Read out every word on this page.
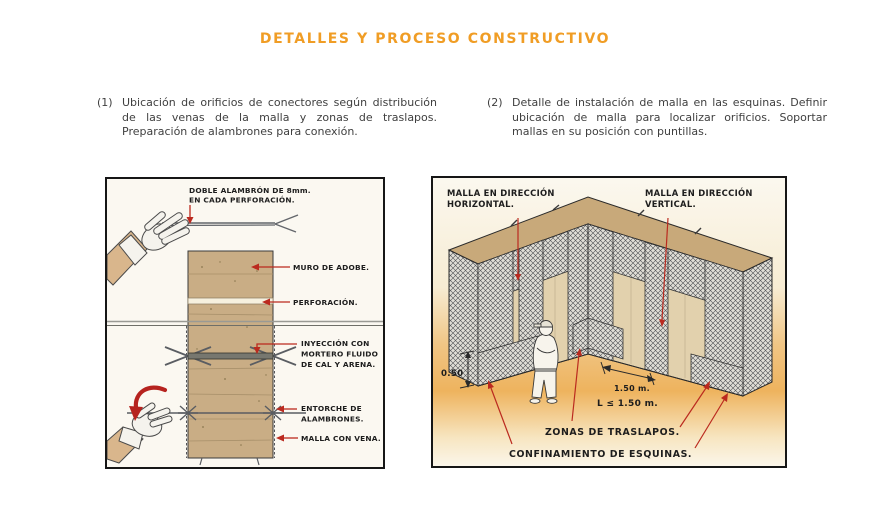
DETALLES Y PROCESO CONSTRUCTIVO
(1) Ubicación de orificios de conectores según distribución de las venas de la malla y zonas de traslapos. Preparación de alambrones para conexión.
(2) Detalle de instalación de malla en las esquinas. Definir ubicación de malla para localizar orificios. Soportar mallas en su posición con puntillas.
DOBLE ALAMBRÓN DE 8mm.
EN CADA PERFORACIÓN.
MURO DE ADOBE.
PERFORACIÓN.
INYECCIÓN CON
MORTERO FLUIDO
DE CAL Y ARENA.
ENTORCHE DE
ALAMBRONES.
MALLA CON VENA.
MALLA EN DIRECCIÓN
HORIZONTAL.
MALLA EN DIRECCIÓN
VERTICAL.
0.50
1.50 m.
L ≤ 1.50 m.
ZONAS DE TRASLAPOS.
CONFINAMIENTO DE ESQUINAS.
